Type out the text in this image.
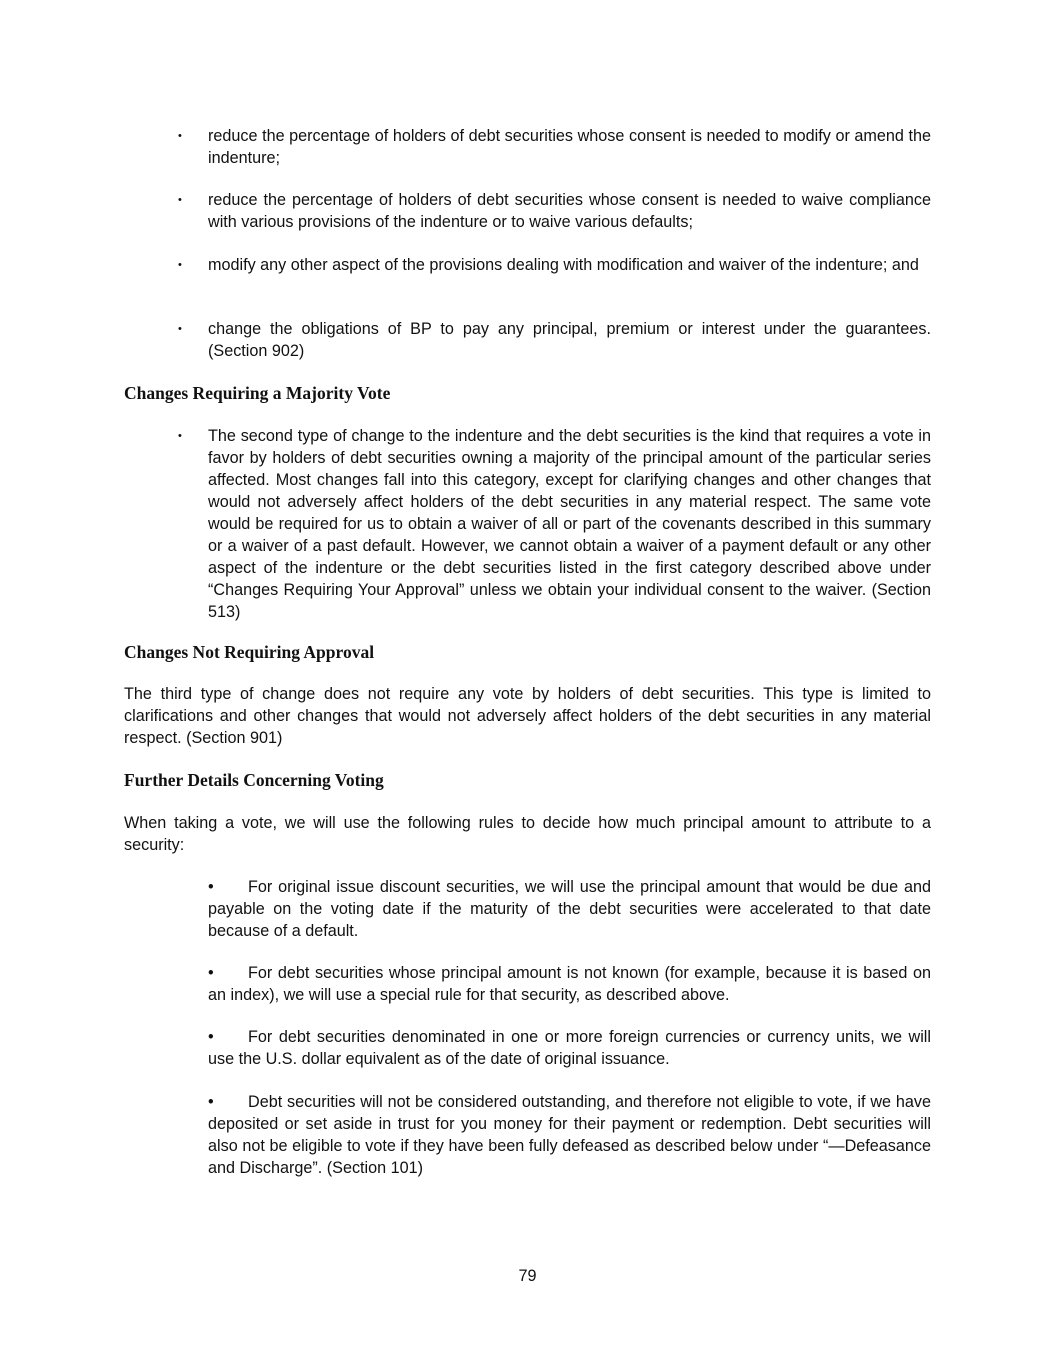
•	reduce the percentage of holders of debt securities whose consent is needed to modify or amend the indenture;
•	reduce the percentage of holders of debt securities whose consent is needed to waive compliance with various provisions of the indenture or to waive various defaults;
•	modify any other aspect of the provisions dealing with modification and waiver of the indenture; and
•	change the obligations of BP to pay any principal, premium or interest under the guarantees. (Section 902)
Changes Requiring a Majority Vote
•	The second type of change to the indenture and the debt securities is the kind that requires a vote in favor by holders of debt securities owning a majority of the principal amount of the particular series affected. Most changes fall into this category, except for clarifying changes and other changes that would not adversely affect holders of the debt securities in any material respect. The same vote would be required for us to obtain a waiver of all or part of the covenants described in this summary or a waiver of a past default. However, we cannot obtain a waiver of a payment default or any other aspect of the indenture or the debt securities listed in the first category described above under “Changes Requiring Your Approval” unless we obtain your individual consent to the waiver. (Section 513)
Changes Not Requiring Approval
The third type of change does not require any vote by holders of debt securities. This type is limited to clarifications and other changes that would not adversely affect holders of the debt securities in any material respect. (Section 901)
Further Details Concerning Voting
When taking a vote, we will use the following rules to decide how much principal amount to attribute to a security:
• For original issue discount securities, we will use the principal amount that would be due and payable on the voting date if the maturity of the debt securities were accelerated to that date because of a default.
• For debt securities whose principal amount is not known (for example, because it is based on an index), we will use a special rule for that security, as described above.
• For debt securities denominated in one or more foreign currencies or currency units, we will use the U.S. dollar equivalent as of the date of original issuance.
• Debt securities will not be considered outstanding, and therefore not eligible to vote, if we have deposited or set aside in trust for you money for their payment or redemption. Debt securities will also not be eligible to vote if they have been fully defeased as described below under “—Defeasance and Discharge”. (Section 101)
79
